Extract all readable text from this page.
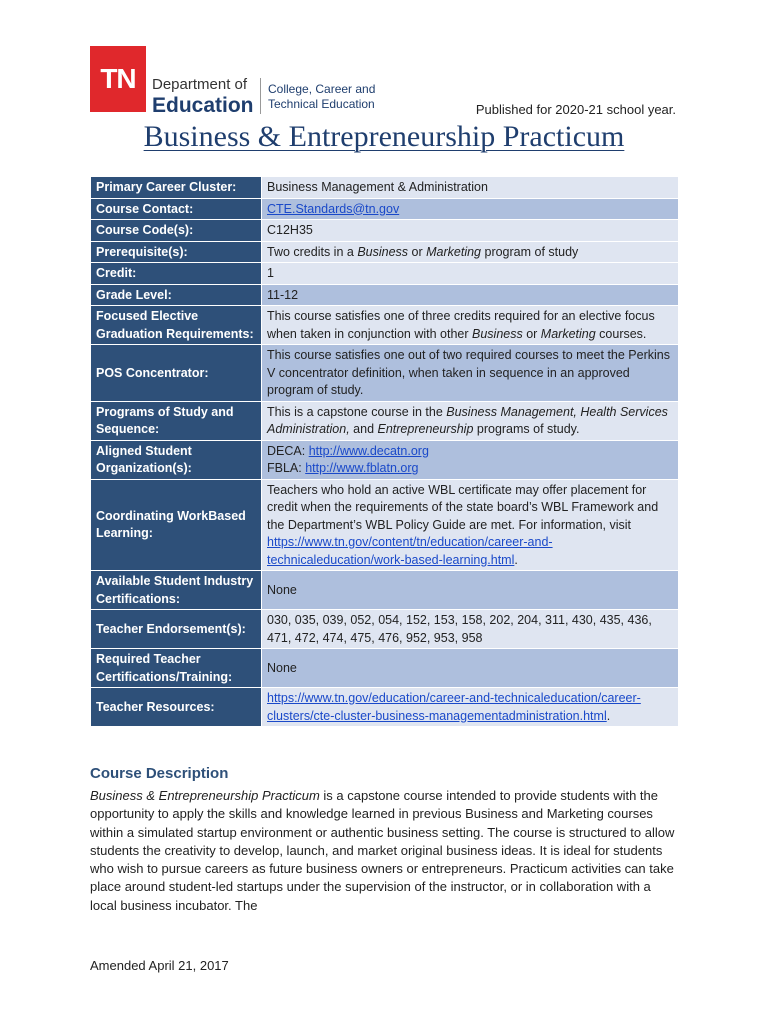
TN	Department of
Education
College, Career and
Technical Education	Published for 2020-21 school year.
Business & Entrepreneurship Practicum
Primary Career Cluster:	Business Management & Administration
Course Contact:	CTE.Standards@tn.gov
Course Code(s):	C12H35
Prerequisite(s):	Two credits in a Business or Marketing program of study
Credit:	1
Grade Level:	11-12
Focused Elective Graduation Requirements:	This course satisfies one of three credits required for an elective focus when taken in conjunction with other Business or Marketing courses.
POS Concentrator:	This course satisfies one out of two required courses to meet the Perkins V concentrator definition, when taken in sequence in an approved program of study.
Programs of Study and Sequence:	This is a capstone course in the Business Management, Health Services Administration, and Entrepreneurship programs of study.
Aligned Student Organization(s):	DECA: http://www.decatn.org
FBLA: http://www.fblatn.org

Coordinating WorkBased Learning:	Teachers who hold an active WBL certificate may offer placement for credit when the requirements of the state board’s WBL Framework and the Department’s WBL Policy Guide are met. For information, visit https://www.tn.gov/content/tn/education/career-and-technicaleducation/work-based-learning.html.
Available Student Industry Certifications:	None
Teacher Endorsement(s):	030, 035, 039, 052, 054, 152, 153, 158, 202, 204, 311, 430, 435, 436, 471, 472, 474, 475, 476, 952, 953, 958
Required Teacher Certifications/Training:	None
Teacher Resources:	https://www.tn.gov/education/career-and-technicaleducation/career-clusters/cte-cluster-business-managementadministration.html.
Course Description
Business & Entrepreneurship Practicum is a capstone course intended to provide students with the opportunity to apply the skills and knowledge learned in previous Business and Marketing courses within a simulated startup environment or authentic business setting. The course is structured to allow students the creativity to develop, launch, and market original business ideas. It is ideal for students who wish to pursue careers as future business owners or entrepreneurs. Practicum activities can take place around student-led startups under the supervision of the instructor, or in collaboration with a local business incubator. The
Amended April 21, 2017
